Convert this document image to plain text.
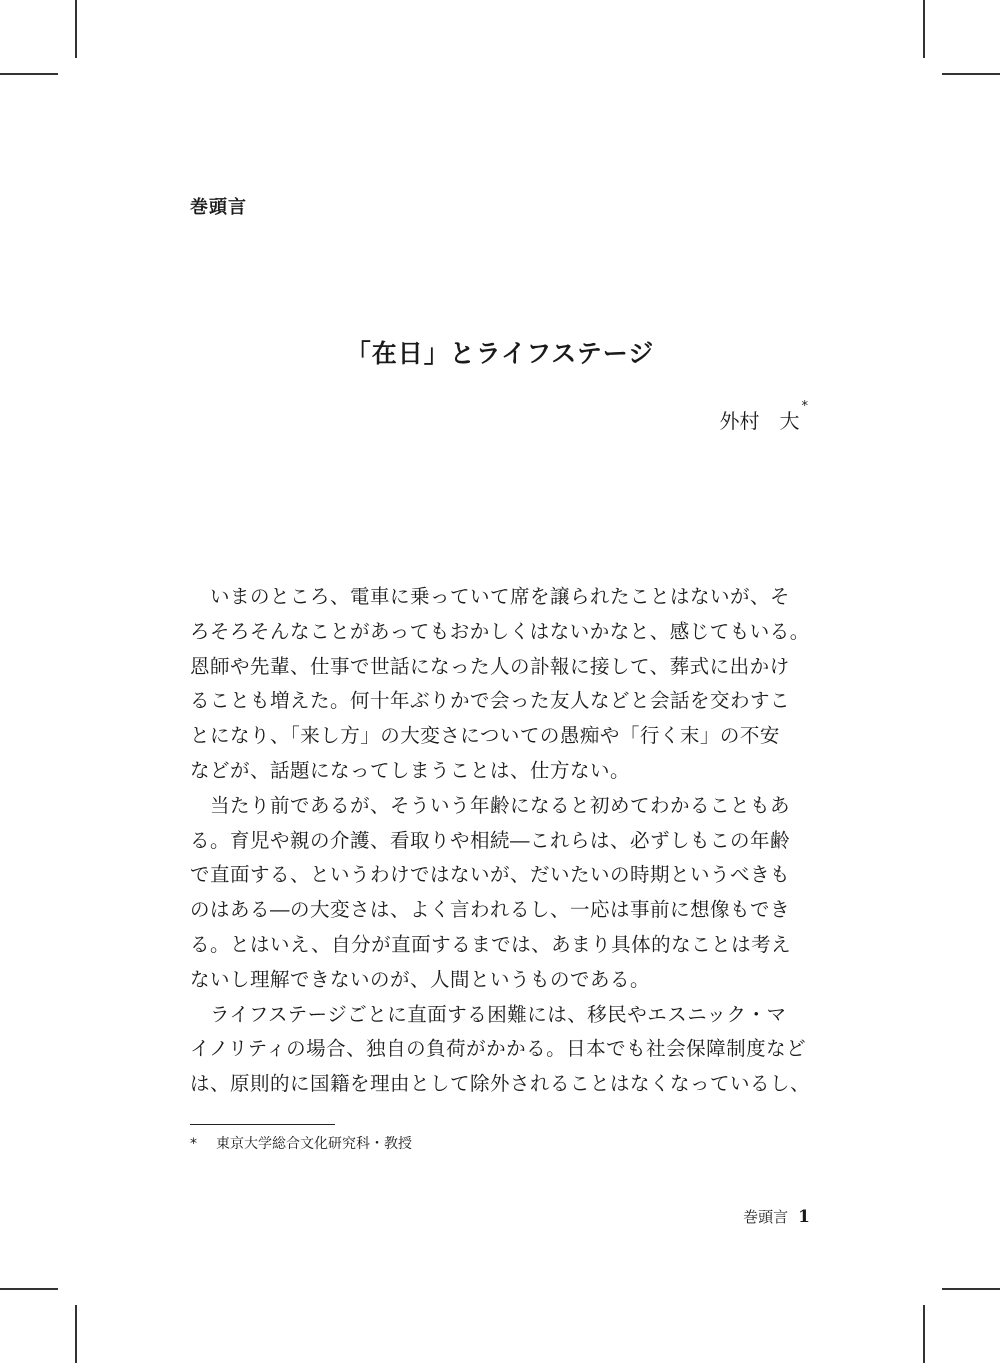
巻頭言
「在日」とライフステージ
外村　大*
　いまのところ、電車に乗っていて席を譲られたことはないが、そ
ろそろそんなことがあってもおかしくはないかなと、感じてもいる。
恩師や先輩、仕事で世話になった人の訃報に接して、葬式に出かけ
ることも増えた。何十年ぶりかで会った友人などと会話を交わすこ
とになり、「来し方」の大変さについての愚痴や「行く末」の不安
などが、話題になってしまうことは、仕方ない。
　当たり前であるが、そういう年齢になると初めてわかることもあ
る。育児や親の介護、看取りや相続―これらは、必ずしもこの年齢
で直面する、というわけではないが、だいたいの時期というべきも
のはある―の大変さは、よく言われるし、一応は事前に想像もでき
る。とはいえ、自分が直面するまでは、あまり具体的なことは考え
ないし理解できないのが、人間というものである。
　ライフステージごとに直面する困難には、移民やエスニック・マ
イノリティの場合、独自の負荷がかかる。日本でも社会保障制度など
は、原則的に国籍を理由として除外されることはなくなっているし、
* 東京大学総合文化研究科・教授
巻頭言 1
